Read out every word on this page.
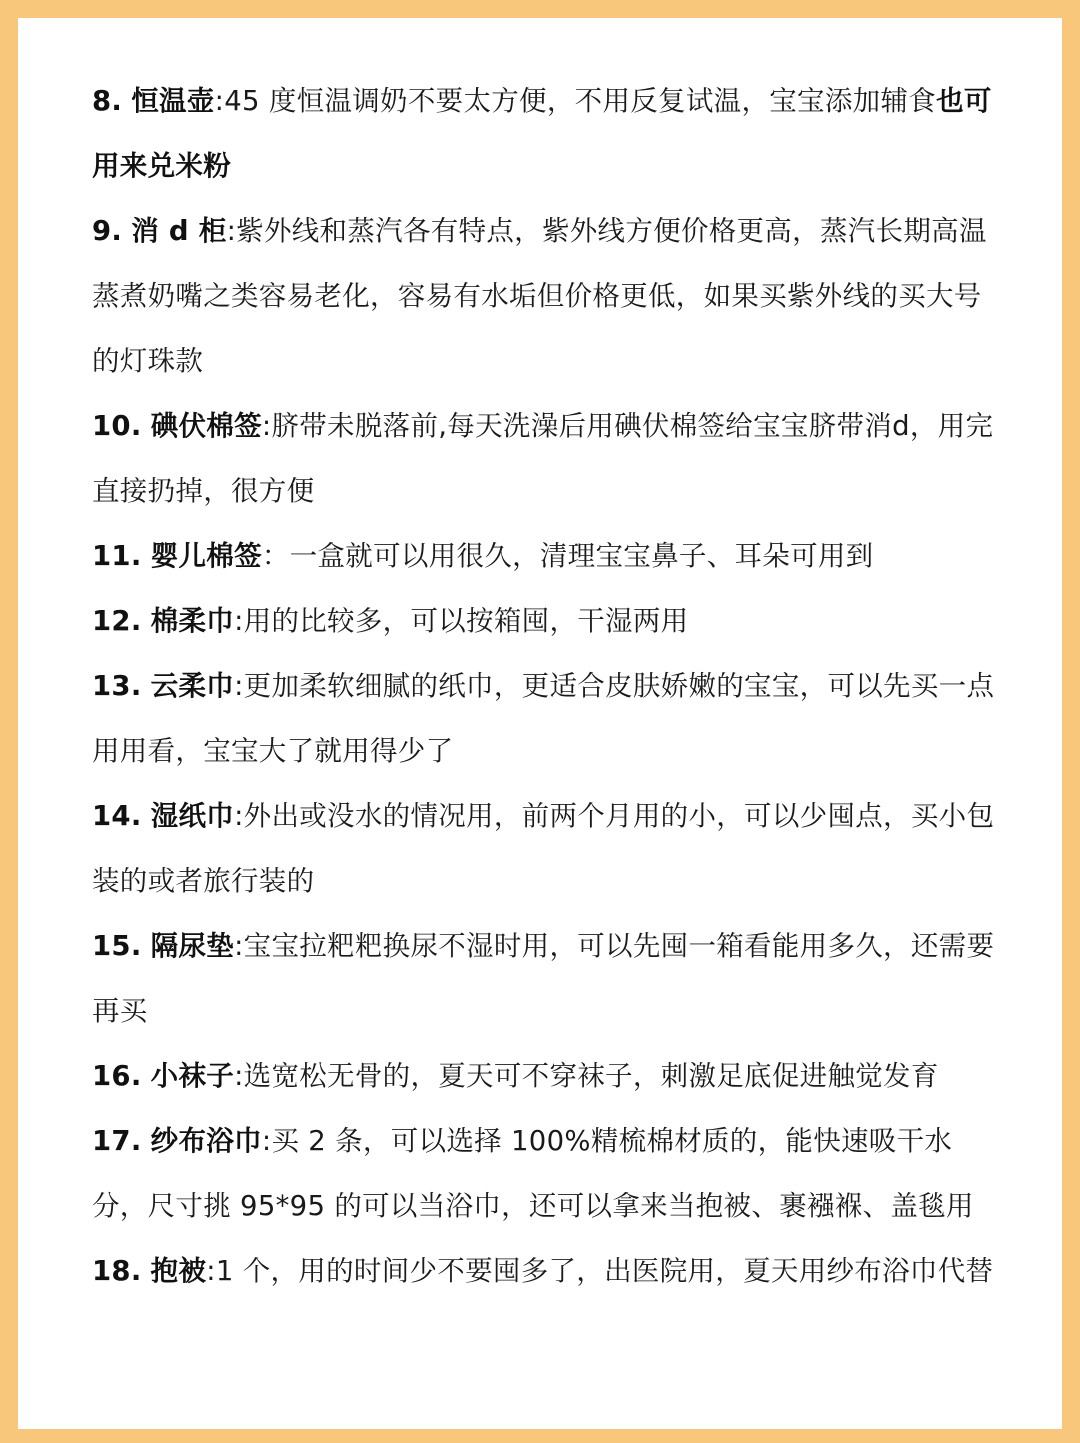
8. 恒温壶:45 度恒温调奶不要太方便，不用反复试温，宝宝添加辅食也可用来兑米粉

9. 消 d 柜:紫外线和蒸汽各有特点，紫外线方便价格更高，蒸汽长期高温蒸煮奶嘴之类容易老化，容易有水垢但价格更低，如果买紫外线的买大号的灯珠款

10. 碘伏棉签:脐带未脱落前,每天洗澡后用碘伏棉签给宝宝脐带消d，用完直接扔掉，很方便

11. 婴儿棉签：一盒就可以用很久，清理宝宝鼻子、耳朵可用到

12. 棉柔巾:用的比较多，可以按箱囤，干湿两用

13. 云柔巾:更加柔软细腻的纸巾，更适合皮肤娇嫩的宝宝，可以先买一点用用看，宝宝大了就用得少了

14. 湿纸巾:外出或没水的情况用，前两个月用的小，可以少囤点，买小包装的或者旅行装的

15. 隔尿垫:宝宝拉粑粑换尿不湿时用，可以先囤一箱看能用多久，还需要再买

16. 小袜子:选宽松无骨的，夏天可不穿袜子，刺激足底促进触觉发育

17. 纱布浴巾:买 2 条，可以选择 100%精梳棉材质的，能快速吸干水分，尺寸挑 95*95 的可以当浴巾，还可以拿来当抱被、裹襁褓、盖毯用

18. 抱被:1 个，用的时间少不要囤多了，出医院用，夏天用纱布浴巾代替
